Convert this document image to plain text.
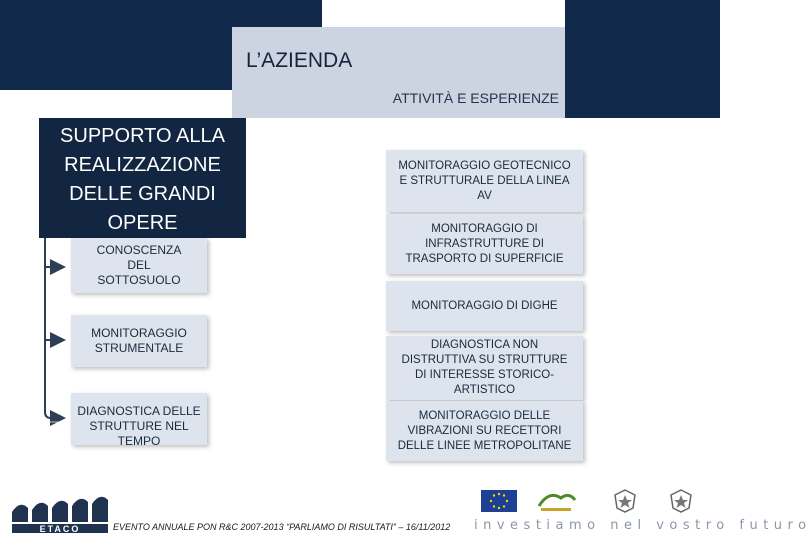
L’AZIENDA
ATTIVITÀ E ESPERIENZE
SUPPORTO ALLA REALIZZAZIONE DELLE GRANDI OPERE
CONOSCENZA DEL SOTTOSUOLO
MONITORAGGIO STRUMENTALE
DIAGNOSTICA DELLE STRUTTURE NEL TEMPO
MONITORAGGIO GEOTECNICO E STRUTTURALE DELLA LINEA AV
MONITORAGGIO DI INFRASTRUTTURE DI TRASPORTO DI SUPERFICIE
MONITORAGGIO DI DIGHE
DIAGNOSTICA NON DISTRUTTIVA SU STRUTTURE DI INTERESSE STORICO-ARTISTICO
MONITORAGGIO DELLE VIBRAZIONI SU RECETTORI DELLE LINEE METROPOLITANE
ETACO	EVENTO ANNUALE PON R&C 2007-2013 “PARLIAMO DI RISULTATI” – 16/11/2012 investiamo nel vostro futuro
